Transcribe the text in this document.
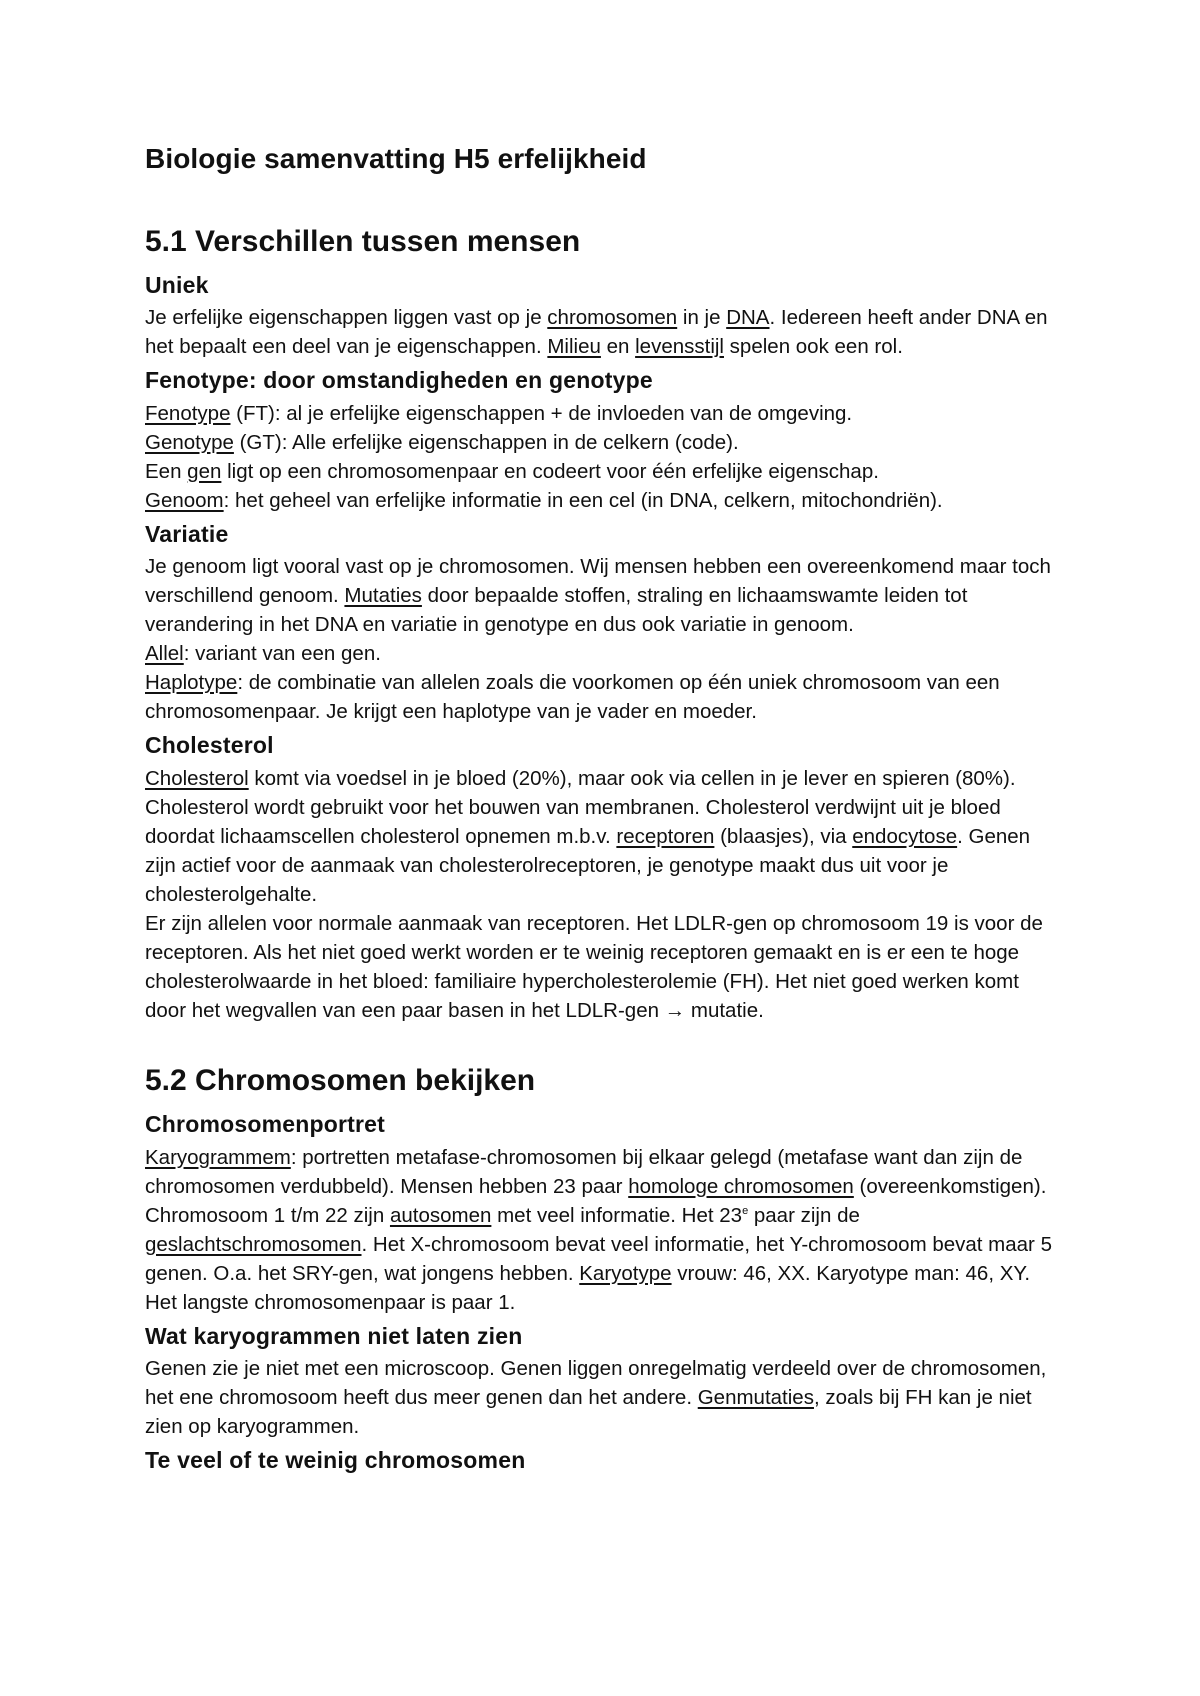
Biologie samenvatting H5 erfelijkheid
5.1 Verschillen tussen mensen
Uniek

Je erfelijke eigenschappen liggen vast op je chromosomen in je DNA. Iedereen heeft ander DNA en het bepaalt een deel van je eigenschappen. Milieu en levensstijl spelen ook een rol.

Fenotype: door omstandigheden en genotype

Fenotype (FT): al je erfelijke eigenschappen + de invloeden van de omgeving.

Genotype (GT): Alle erfelijke eigenschappen in de celkern (code).

Een gen ligt op een chromosomenpaar en codeert voor één erfelijke eigenschap.

Genoom: het geheel van erfelijke informatie in een cel (in DNA, celkern, mitochondriën).

Variatie

Je genoom ligt vooral vast op je chromosomen. Wij mensen hebben een overeenkomend maar toch verschillend genoom. Mutaties door bepaalde stoffen, straling en lichaamswamte leiden tot verandering in het DNA en variatie in genotype en dus ook variatie in genoom.

Allel: variant van een gen.

Haplotype: de combinatie van allelen zoals die voorkomen op één uniek chromosoom van een chromosomenpaar. Je krijgt een haplotype van je vader en moeder.

Cholesterol

Cholesterol komt via voedsel in je bloed (20%), maar ook via cellen in je lever en spieren (80%). Cholesterol wordt gebruikt voor het bouwen van membranen. Cholesterol verdwijnt uit je bloed doordat lichaamscellen cholesterol opnemen m.b.v. receptoren (blaasjes), via endocytose. Genen zijn actief voor de aanmaak van cholesterolreceptoren, je genotype maakt dus uit voor je cholesterolgehalte.

Er zijn allelen voor normale aanmaak van receptoren. Het LDLR-gen op chromosoom 19 is voor de receptoren. Als het niet goed werkt worden er te weinig receptoren gemaakt en is er een te hoge cholesterolwaarde in het bloed: familiaire hypercholesterolemie (FH). Het niet goed werken komt door het wegvallen van een paar basen in het LDLR-gen → mutatie.

5.2 Chromosomen bekijken
Chromosomenportret

Karyogrammem: portretten metafase-chromosomen bij elkaar gelegd (metafase want dan zijn de chromosomen verdubbeld). Mensen hebben 23 paar homologe chromosomen (overeenkomstigen). Chromosoom 1 t/m 22 zijn autosomen met veel informatie. Het 23e paar zijn de geslachtschromosomen. Het X-chromosoom bevat veel informatie, het Y-chromosoom bevat maar 5 genen. O.a. het SRY-gen, wat jongens hebben. Karyotype vrouw: 46, XX. Karyotype man: 46, XY. Het langste chromosomenpaar is paar 1.

Wat karyogrammen niet laten zien

Genen zie je niet met een microscoop. Genen liggen onregelmatig verdeeld over de chromosomen, het ene chromosoom heeft dus meer genen dan het andere. Genmutaties, zoals bij FH kan je niet zien op karyogrammen.

Te veel of te weinig chromosomen
